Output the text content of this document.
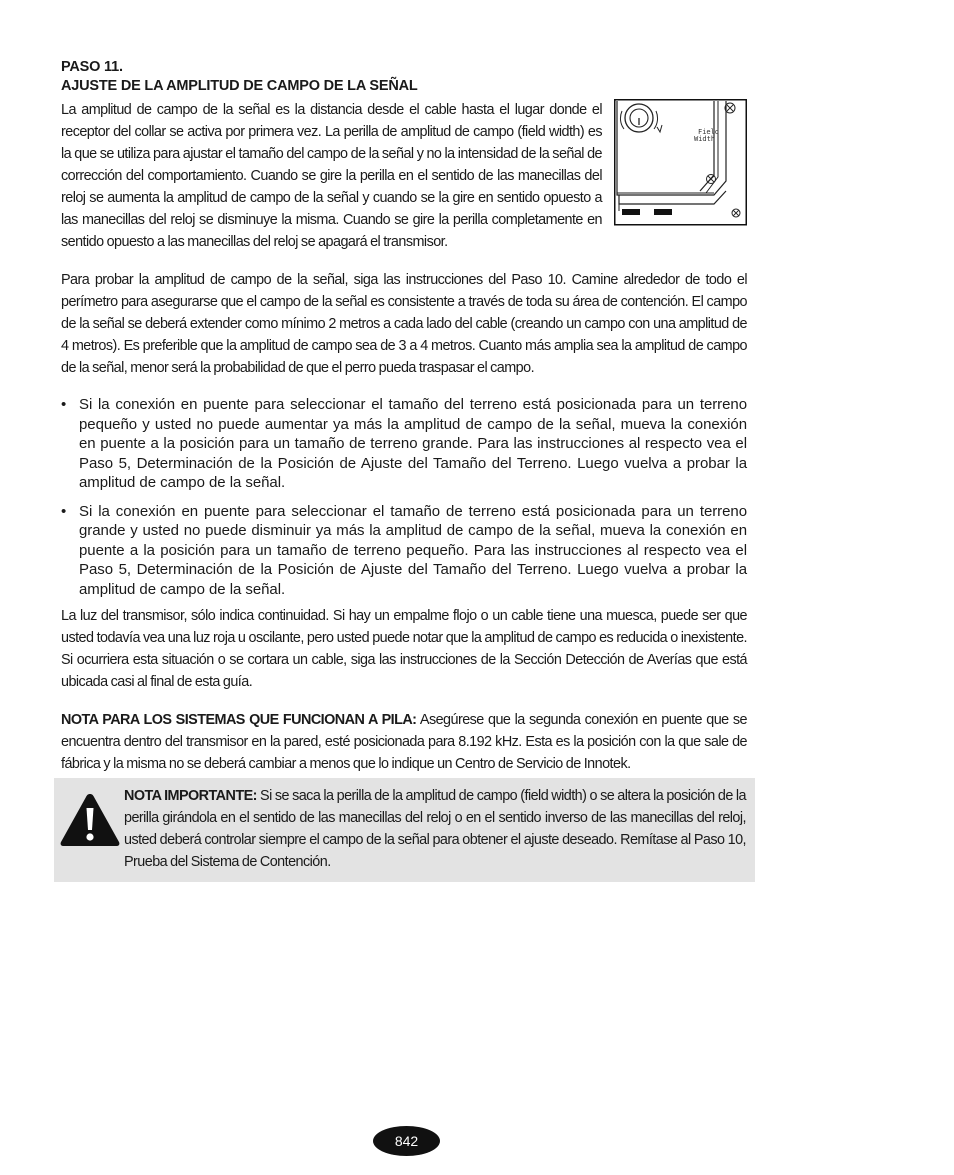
PASO 11.

AJUSTE DE LA AMPLITUD DE CAMPO DE LA SEÑAL

Field
Width

La amplitud de campo de la señal es la distancia desde el cable hasta el lugar donde el receptor del collar se activa por primera vez. La perilla de amplitud de campo (field width) es la que se utiliza para ajustar el tamaño del campo de la señal y no la intensidad de la señal de corrección del comportamiento. Cuando se gire la perilla en el sentido de las manecillas del reloj se aumenta la amplitud de campo de la señal y cuando se la gire en sentido opuesto a las manecillas del reloj se disminuye la misma. Cuando se gire la perilla completamente en sentido opuesto a las manecillas del reloj se apagará el transmisor.

Para probar la amplitud de campo de la señal, siga las instrucciones del Paso 10. Camine alrededor de todo el perímetro para asegurarse que el campo de la señal es consistente a través de toda su área de contención. El campo de la señal se deberá extender como mínimo 2 metros a cada lado del cable (creando un campo con una amplitud de 4 metros). Es preferible que la amplitud de campo sea de 3 a 4 metros. Cuanto más amplia sea la amplitud de campo de la señal, menor será la probabilidad de que el perro pueda traspasar el campo.

• Si la conexión en puente para seleccionar el tamaño del terreno está posicionada para un terreno pequeño y usted no puede aumentar ya más la amplitud de campo de la señal, mueva la conexión en puente a la posición para un tamaño de terreno grande. Para las instrucciones al respecto vea el Paso 5, Determinación de la Posición de Ajuste del Tamaño del Terreno. Luego vuelva a probar la amplitud de campo de la señal.
• Si la conexión en puente para seleccionar el tamaño de terreno está posicionada para un terreno grande y usted no puede disminuir ya más la amplitud de campo de la señal, mueva la conexión en puente a la posición para un tamaño de terreno pequeño. Para las instrucciones al respecto vea el Paso 5, Determinación de la Posición de Ajuste del Tamaño del Terreno. Luego vuelva a probar la amplitud de campo de la señal.

La luz del transmisor, sólo indica continuidad. Si hay un empalme flojo o un cable tiene una muesca, puede ser que usted todavía vea una luz roja u oscilante, pero usted puede notar que la amplitud de campo es reducida o inexistente. Si ocurriera esta situación o se cortara un cable, siga las instrucciones de la Sección Detección de Averías que está ubicada casi al final de esta guía.

NOTA PARA LOS SISTEMAS QUE FUNCIONAN A PILA: Asegúrese que la segunda conexión en puente que se encuentra dentro del transmisor en la pared, esté posicionada para 8.192 kHz. Esta es la posición con la que sale de fábrica y la misma no se deberá cambiar a menos que lo indique un Centro de Servicio de Innotek.

NOTA IMPORTANTE: Si se saca la perilla de la amplitud de campo (field width) o se altera la posición de la perilla girándola en el sentido de las manecillas del reloj o en el sentido inverso de las manecillas del reloj, usted deberá controlar siempre el campo de la señal para obtener el ajuste deseado. Remítase al Paso 10, Prueba del Sistema de Contención.

842
